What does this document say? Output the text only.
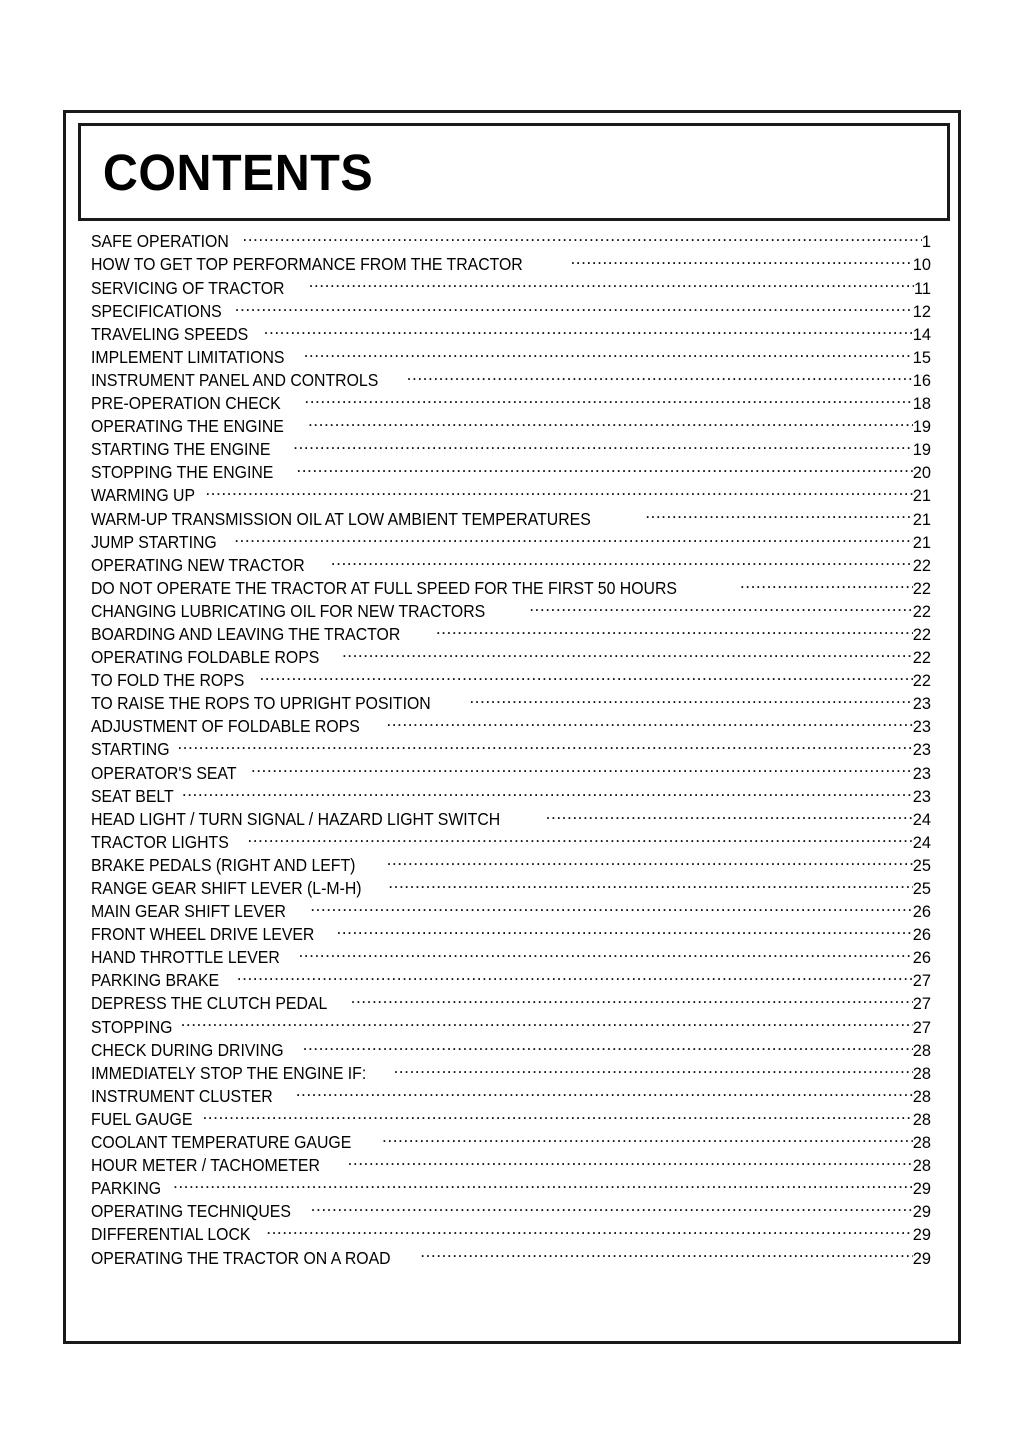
CONTENTS
SAFE OPERATION .....	1
HOW TO GET TOP PERFORMANCE FROM THE TRACTOR .....	10
SERVICING OF TRACTOR .....	11
SPECIFICATIONS .....	12
TRAVELING SPEEDS .....	14
IMPLEMENT LIMITATIONS .....	15
INSTRUMENT PANEL AND CONTROLS .....	16
PRE-OPERATION CHECK .....	18
OPERATING THE ENGINE .....	19
STARTING THE ENGINE .....	19
STOPPING THE ENGINE .....	20
WARMING UP .....	21
WARM-UP TRANSMISSION OIL AT LOW AMBIENT TEMPERATURES .....	21
JUMP STARTING .....	21
OPERATING NEW TRACTOR .....	22
DO NOT OPERATE THE TRACTOR AT FULL SPEED FOR THE FIRST 50 HOURS .....	22
CHANGING LUBRICATING OIL FOR NEW TRACTORS .....	22
BOARDING AND LEAVING THE TRACTOR .....	22
OPERATING FOLDABLE ROPS .....	22
TO FOLD THE ROPS .....	22
TO RAISE THE ROPS TO UPRIGHT POSITION .....	23
ADJUSTMENT OF FOLDABLE ROPS .....	23
STARTING .....	23
OPERATOR'S SEAT .....	23
SEAT BELT .....	23
HEAD LIGHT / TURN SIGNAL / HAZARD LIGHT SWITCH .....	24
TRACTOR LIGHTS .....	24
BRAKE PEDALS (RIGHT AND LEFT) .....	25
RANGE GEAR SHIFT LEVER (L-M-H) .....	25
MAIN GEAR SHIFT LEVER .....	26
FRONT WHEEL DRIVE LEVER .....	26
HAND THROTTLE LEVER .....	26
PARKING BRAKE .....	27
DEPRESS THE CLUTCH PEDAL .....	27
STOPPING .....	27
CHECK DURING DRIVING .....	28
IMMEDIATELY STOP THE ENGINE IF: .....	28
INSTRUMENT CLUSTER .....	28
FUEL GAUGE .....	28
COOLANT TEMPERATURE GAUGE .....	28
HOUR METER / TACHOMETER .....	28
PARKING .....	29
OPERATING TECHNIQUES .....	29
DIFFERENTIAL LOCK .....	29
OPERATING THE TRACTOR ON A ROAD .....	29
